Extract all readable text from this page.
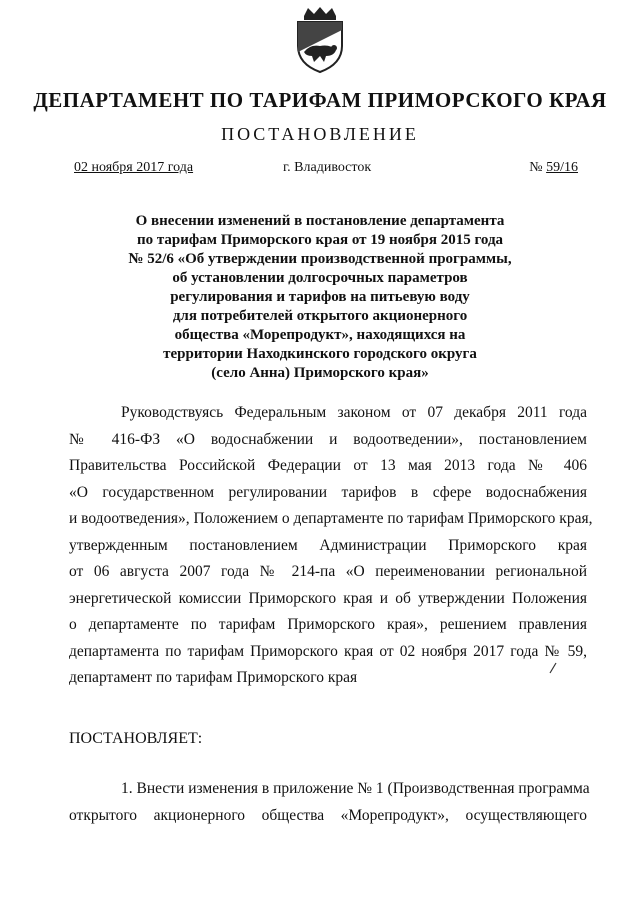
ДЕПАРТАМЕНТ ПО ТАРИФАМ ПРИМОРСКОГО КРАЯ
ПОСТАНОВЛЕНИЕ
02 ноября 2017 года	г. Владивосток	№ 59/16
О внесении изменений в постановление департамента
по тарифам Приморского края от 19 ноября 2015 года
№ 52/6 «Об утверждении производственной программы,
об установлении долгосрочных параметров
регулирования и тарифов на питьевую воду
для потребителей открытого акционерного
общества «Морепродукт», находящихся на
территории Находкинского городского округа
(село Анна) Приморского края»
Руководствуясь Федеральным законом от 07 декабря 2011 года
№ 416-ФЗ «О водоснабжении и водоотведении», постановлением
Правительства Российской Федерации от 13 мая 2013 года № 406
«О государственном регулировании тарифов в сфере водоснабжения
и водоотведения», Положением о департаменте по тарифам Приморского края,
утвержденным постановлением Администрации Приморского края
от 06 августа 2007 года № 214-па «О переименовании региональной
энергетической комиссии Приморского края и об утверждении Положения
о департаменте по тарифам Приморского края», решением правления
департамента по тарифам Приморского края от 02 ноября 2017 года № 59,
департамент по тарифам Приморского края
ПОСТАНОВЛЯЕТ:
1. Внести изменения в приложение № 1 (Производственная программа
открытого акционерного общества «Морепродукт», осуществляющего
